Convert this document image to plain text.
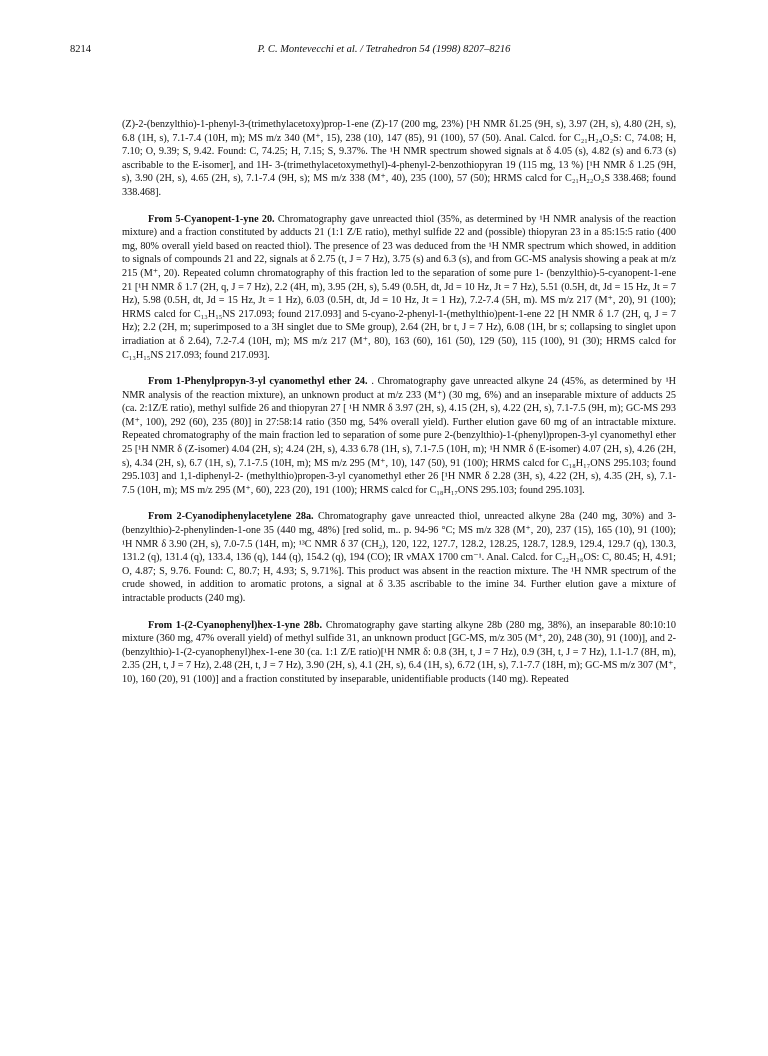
8214	P. C. Montevecchi et al. / Tetrahedron 54 (1998) 8207–8216

(Z)-2-(benzylthio)-1-phenyl-3-(trimethylacetoxy)prop-1-ene (Z)-17 (200 mg, 23%) [¹H NMR δ1.25 (9H, s), 3.97 (2H, s), 4.80 (2H, s), 6.8 (1H, s), 7.1-7.4 (10H, m); MS m/z 340 (M⁺, 15), 238 (10), 147 (85), 91 (100), 57 (50). Anal. Calcd. for C₂₁H₂₄O₂S: C, 74.08; H, 7.10; O, 9.39; S, 9.42. Found: C, 74.25; H, 7.15; S, 9.37%. The ¹H NMR spectrum showed signals at δ 4.05 (s), 4.82 (s) and 6.73 (s) ascribable to the E-isomer], and 1H- 3-(trimethylacetoxymethyl)-4-phenyl-2-benzothiopyran 19 (115 mg, 13 %) [¹H NMR δ 1.25 (9H, s), 3.90 (2H, s), 4.65 (2H, s), 7.1-7.4 (9H, s); MS m/z 338 (M⁺, 40), 235 (100), 57 (50); HRMS calcd for C₂₁H₂₂O₂S 338.468; found 338.468].

From 5-Cyanopent-1-yne 20. Chromatography gave unreacted thiol (35%, as determined by ¹H NMR analysis of the reaction mixture) and a fraction constituted by adducts 21 (1:1 Z/E ratio), methyl sulfide 22 and (possible) thiopyran 23 in a 85:15:5 ratio (400 mg, 80% overall yield based on reacted thiol). The presence of 23 was deduced from the ¹H NMR spectrum which showed, in addition to signals of compounds 21 and 22, signals at δ 2.75 (t, J = 7 Hz), 3.75 (s) and 6.3 (s), and from GC-MS analysis showing a peak at m/z 215 (M⁺, 20). Repeated column chromatography of this fraction led to the separation of some pure 1- (benzylthio)-5-cyanopent-1-ene 21 [¹H NMR δ 1.7 (2H, q, J = 7 Hz), 2.2 (4H, m), 3.95 (2H, s), 5.49 (0.5H, dt, Jd = 10 Hz, Jt = 7 Hz), 5.51 (0.5H, dt, Jd = 15 Hz, Jt = 7 Hz), 5.98 (0.5H, dt, Jd = 15 Hz, Jt = 1 Hz), 6.03 (0.5H, dt, Jd = 10 Hz, Jt = 1 Hz), 7.2-7.4 (5H, m). MS m/z 217 (M⁺, 20), 91 (100); HRMS calcd for C₁₃H₁₅NS 217.093; found 217.093] and 5-cyano-2-phenyl-1-(methylthio)pent-1-ene 22 [H NMR δ 1.7 (2H, q, J = 7 Hz); 2.2 (2H, m; superimposed to a 3H singlet due to SMe group), 2.64 (2H, br t, J = 7 Hz), 6.08 (1H, br s; collapsing to singlet upon irradiation at δ 2.64), 7.2-7.4 (10H, m); MS m/z 217 (M⁺, 80), 163 (60), 161 (50), 129 (50), 115 (100), 91 (30); HRMS calcd for C₁₃H₁₅NS 217.093; found 217.093].

From 1-Phenylpropyn-3-yl cyanomethyl ether 24. . Chromatography gave unreacted alkyne 24 (45%, as determined by ¹H NMR analysis of the reaction mixture), an unknown product at m/z 233 (M⁺) (30 mg, 6%) and an inseparable mixture of adducts 25 (ca. 2:1Z/E ratio), methyl sulfide 26 and thiopyran 27 [ ¹H NMR δ 3.97 (2H, s), 4.15 (2H, s), 4.22 (2H, s), 7.1-7.5 (9H, m); GC-MS 293 (M⁺, 100), 292 (60), 235 (80)] in 27:58:14 ratio (350 mg, 54% overall yield). Further elution gave 60 mg of an intractable mixture. Repeated chromatography of the main fraction led to separation of some pure 2-(benzylthio)-1-(phenyl)propen-3-yl cyanomethyl ether 25 [¹H NMR δ (Z-isomer) 4.04 (2H, s); 4.24 (2H, s), 4.33 6.78 (1H, s), 7.1-7.5 (10H, m); ¹H NMR δ (E-isomer) 4.07 (2H, s), 4.26 (2H, s), 4.34 (2H, s), 6.7 (1H, s), 7.1-7.5 (10H, m); MS m/z 295 (M⁺, 10), 147 (50), 91 (100); HRMS calcd for C₁₈H₁₇ONS 295.103; found 295.103] and 1,1-diphenyl-2- (methylthio)propen-3-yl cyanomethyl ether 26 [¹H NMR δ 2.28 (3H, s), 4.22 (2H, s), 4.35 (2H, s), 7.1-7.5 (10H, m); MS m/z 295 (M⁺, 60), 223 (20), 191 (100); HRMS calcd for C₁₈H₁₇ONS 295.103; found 295.103].

From 2-Cyanodiphenylacetylene 28a. Chromatography gave unreacted thiol, unreacted alkyne 28a (240 mg, 30%) and 3-(benzylthio)-2-phenylinden-1-one 35 (440 mg, 48%) [red solid, m.. p. 94-96 °C; MS m/z 328 (M⁺, 20), 237 (15), 165 (10), 91 (100); ¹H NMR δ 3.90 (2H, s), 7.0-7.5 (14H, m); ¹³C NMR δ 37 (CH₂), 120, 122, 127.7, 128.2, 128.25, 128.7, 128.9, 129.4, 129.7 (q), 130.3, 131.2 (q), 131.4 (q), 133.4, 136 (q), 144 (q), 154.2 (q), 194 (CO); IR νMAX 1700 cm⁻¹. Anal. Calcd. for C₂₂H₁₆OS: C, 80.45; H, 4.91; O, 4.87; S, 9.76. Found: C, 80.7; H, 4.93; S, 9.71%]. This product was absent in the reaction mixture. The ¹H NMR spectrum of the crude showed, in addition to aromatic protons, a signal at δ 3.35 ascribable to the imine 34. Further elution gave a mixture of intractable products (240 mg).

From 1-(2-Cyanophenyl)hex-1-yne 28b. Chromatography gave starting alkyne 28b (280 mg, 38%), an inseparable 80:10:10 mixture (360 mg, 47% overall yield) of methyl sulfide 31, an unknown product [GC-MS, m/z 305 (M⁺, 20), 248 (30), 91 (100)], and 2-(benzylthio)-1-(2-cyanophenyl)hex-1-ene 30 (ca. 1:1 Z/E ratio)[¹H NMR δ: 0.8 (3H, t, J = 7 Hz), 0.9 (3H, t, J = 7 Hz), 1.1-1.7 (8H, m), 2.35 (2H, t, J = 7 Hz), 2.48 (2H, t, J = 7 Hz), 3.90 (2H, s), 4.1 (2H, s), 6.4 (1H, s), 6.72 (1H, s), 7.1-7.7 (18H, m); GC-MS m/z 307 (M⁺, 10), 160 (20), 91 (100)] and a fraction constituted by inseparable, unidentifiable products (140 mg). Repeated
